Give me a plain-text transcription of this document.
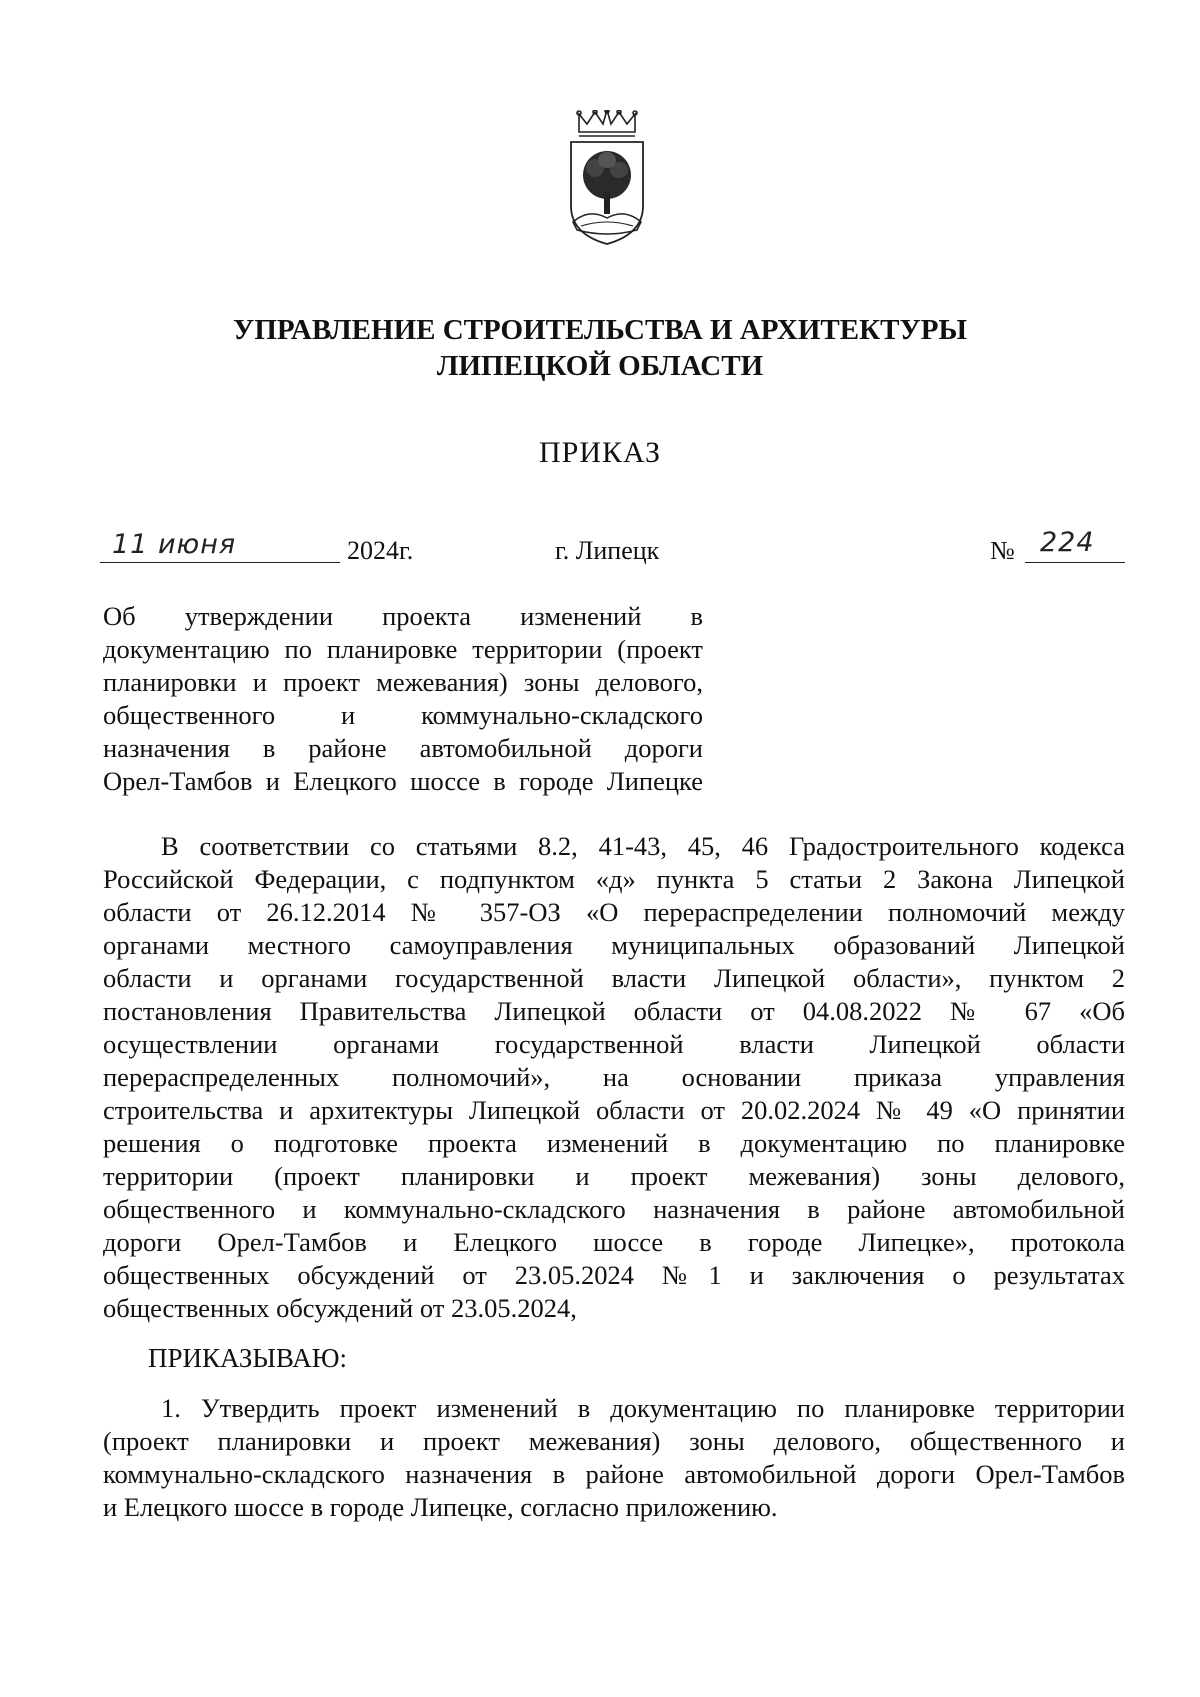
УПРАВЛЕНИЕ СТРОИТЕЛЬСТВА И АРХИТЕКТУРЫ
ЛИПЕЦКОЙ ОБЛАСТИ
ПРИКАЗ
11 июня	2024г.	г. Липецк	№ 224
Об утверждении проекта изменений в
документацию по планировке территории (проект
планировки и проект межевания) зоны делового,
общественного и коммунально-складского
назначения в районе автомобильной дороги
Орел-Тамбов и Елецкого шоссе в городе Липецке
В соответствии со статьями 8.2, 41-43, 45, 46 Градостроительного кодекса
Российской Федерации, с подпунктом «д» пункта 5 статьи 2 Закона Липецкой
области от 26.12.2014 № 357-ОЗ «О перераспределении полномочий между
органами местного самоуправления муниципальных образований Липецкой
области и органами государственной власти Липецкой области», пунктом 2
постановления Правительства Липецкой области от 04.08.2022 № 67 «Об
осуществлении органами государственной власти Липецкой области
перераспределенных полномочий», на основании приказа управления
строительства и архитектуры Липецкой области от 20.02.2024 № 49 «О принятии
решения о подготовке проекта изменений в документацию по планировке
территории (проект планировки и проект межевания) зоны делового,
общественного и коммунально-складского назначения в районе автомобильной
дороги Орел-Тамбов и Елецкого шоссе в городе Липецке», протокола
общественных обсуждений от 23.05.2024 №1 и заключения о результатах
общественных обсуждений от 23.05.2024,
ПРИКАЗЫВАЮ:
1. Утвердить проект изменений в документацию по планировке территории
(проект планировки и проект межевания) зоны делового, общественного и
коммунально-складского назначения в районе автомобильной дороги Орел-Тамбов
и Елецкого шоссе в городе Липецке, согласно приложению.
